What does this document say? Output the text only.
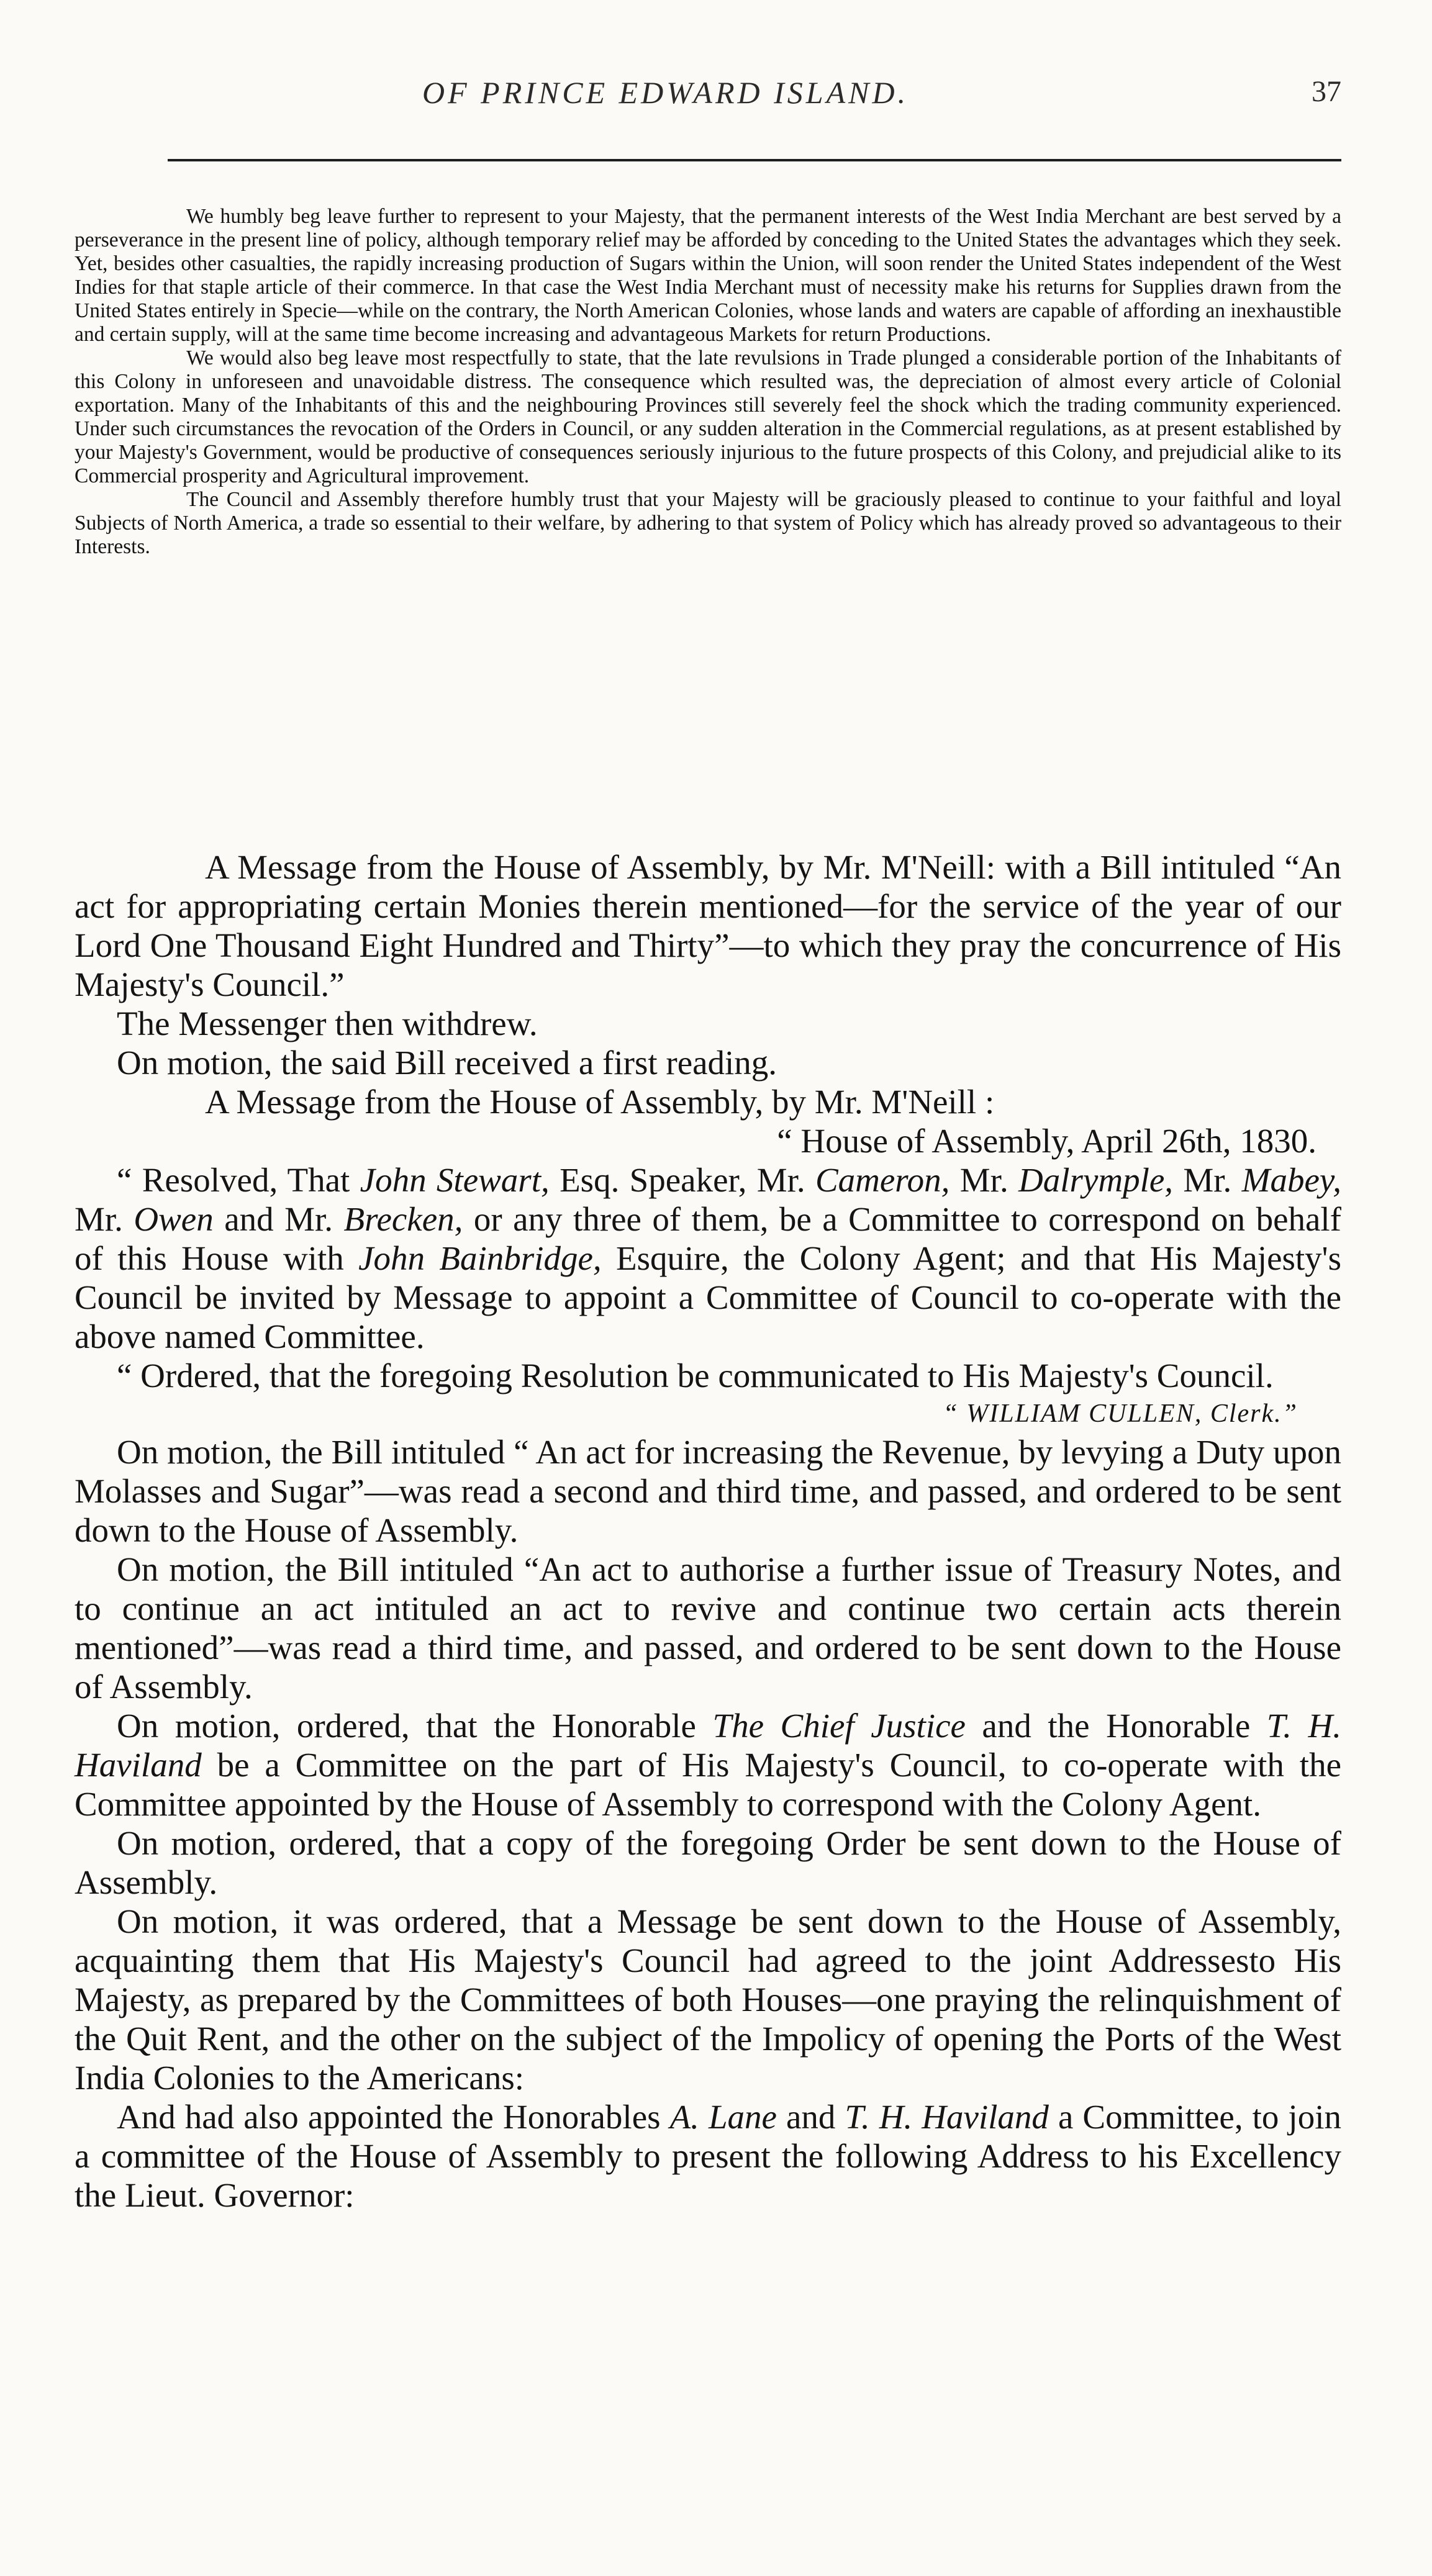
OF PRINCE EDWARD ISLAND.	37

We humbly beg leave further to represent to your Majesty, that the permanent interests of the West India Merchant are best served by a perseverance in the present line of policy, although temporary relief may be afforded by conceding to the United States the advantages which they seek. Yet, besides other casualties, the rapidly increasing production of Sugars within the Union, will soon render the United States independent of the West Indies for that staple article of their commerce. In that case the West India Merchant must of necessity make his returns for Supplies drawn from the United States entirely in Specie—while on the contrary, the North American Colonies, whose lands and waters are capable of affording an inexhaustible and certain supply, will at the same time become increasing and advantageous Markets for return Productions.

We would also beg leave most respectfully to state, that the late revulsions in Trade plunged a considerable portion of the Inhabitants of this Colony in unforeseen and unavoidable distress. The consequence which resulted was, the depreciation of almost every article of Colonial exportation. Many of the Inhabitants of this and the neighbouring Provinces still severely feel the shock which the trading community experienced. Under such circumstances the revocation of the Orders in Council, or any sudden alteration in the Commercial regulations, as at present established by your Majesty's Government, would be productive of consequences seriously injurious to the future prospects of this Colony, and prejudicial alike to its Commercial prosperity and Agricultural improvement.

The Council and Assembly therefore humbly trust that your Majesty will be graciously pleased to continue to your faithful and loyal Subjects of North America, a trade so essential to their welfare, by adhering to that system of Policy which has already proved so advantageous to their Interests.

A Message from the House of Assembly, by Mr. M'Neill: with a Bill intituled “An act for appropriating certain Monies therein mentioned—for the service of the year of our Lord One Thousand Eight Hundred and Thirty”—to which they pray the concurrence of His Majesty's Council.”

The Messenger then withdrew.

On motion, the said Bill received a first reading.

A Message from the House of Assembly, by Mr. M'Neill :

“ House of Assembly, April 26th, 1830.

“ Resolved, That John Stewart, Esq. Speaker, Mr. Cameron, Mr. Dalrymple, Mr. Mabey, Mr. Owen and Mr. Brecken, or any three of them, be a Committee to correspond on behalf of this House with John Bainbridge, Esquire, the Colony Agent; and that His Majesty's Council be invited by Message to appoint a Committee of Council to co-operate with the above named Committee.

“ Ordered, that the foregoing Resolution be communicated to His Majesty's Council.

“ WILLIAM CULLEN, Clerk.”

On motion, the Bill intituled “ An act for increasing the Revenue, by levying a Duty upon Molasses and Sugar”—was read a second and third time, and passed, and ordered to be sent down to the House of Assembly.

On motion, the Bill intituled “An act to authorise a further issue of Treasury Notes, and to continue an act intituled an act to revive and continue two certain acts therein mentioned”—was read a third time, and passed, and ordered to be sent down to the House of Assembly.

On motion, ordered, that the Honorable The Chief Justice and the Honorable T. H. Haviland be a Committee on the part of His Majesty's Council, to co-operate with the Committee appointed by the House of Assembly to correspond with the Colony Agent.

On motion, ordered, that a copy of the foregoing Order be sent down to the House of Assembly.

On motion, it was ordered, that a Message be sent down to the House of Assembly, acquainting them that His Majesty's Council had agreed to the joint Addressesto His Majesty, as prepared by the Committees of both Houses—one praying the relinquishment of the Quit Rent, and the other on the subject of the Impolicy of opening the Ports of the West India Colonies to the Americans:

And had also appointed the Honorables A. Lane and T. H. Haviland a Committee, to join a committee of the House of Assembly to present the following Address to his Excellency the Lieut. Governor:
